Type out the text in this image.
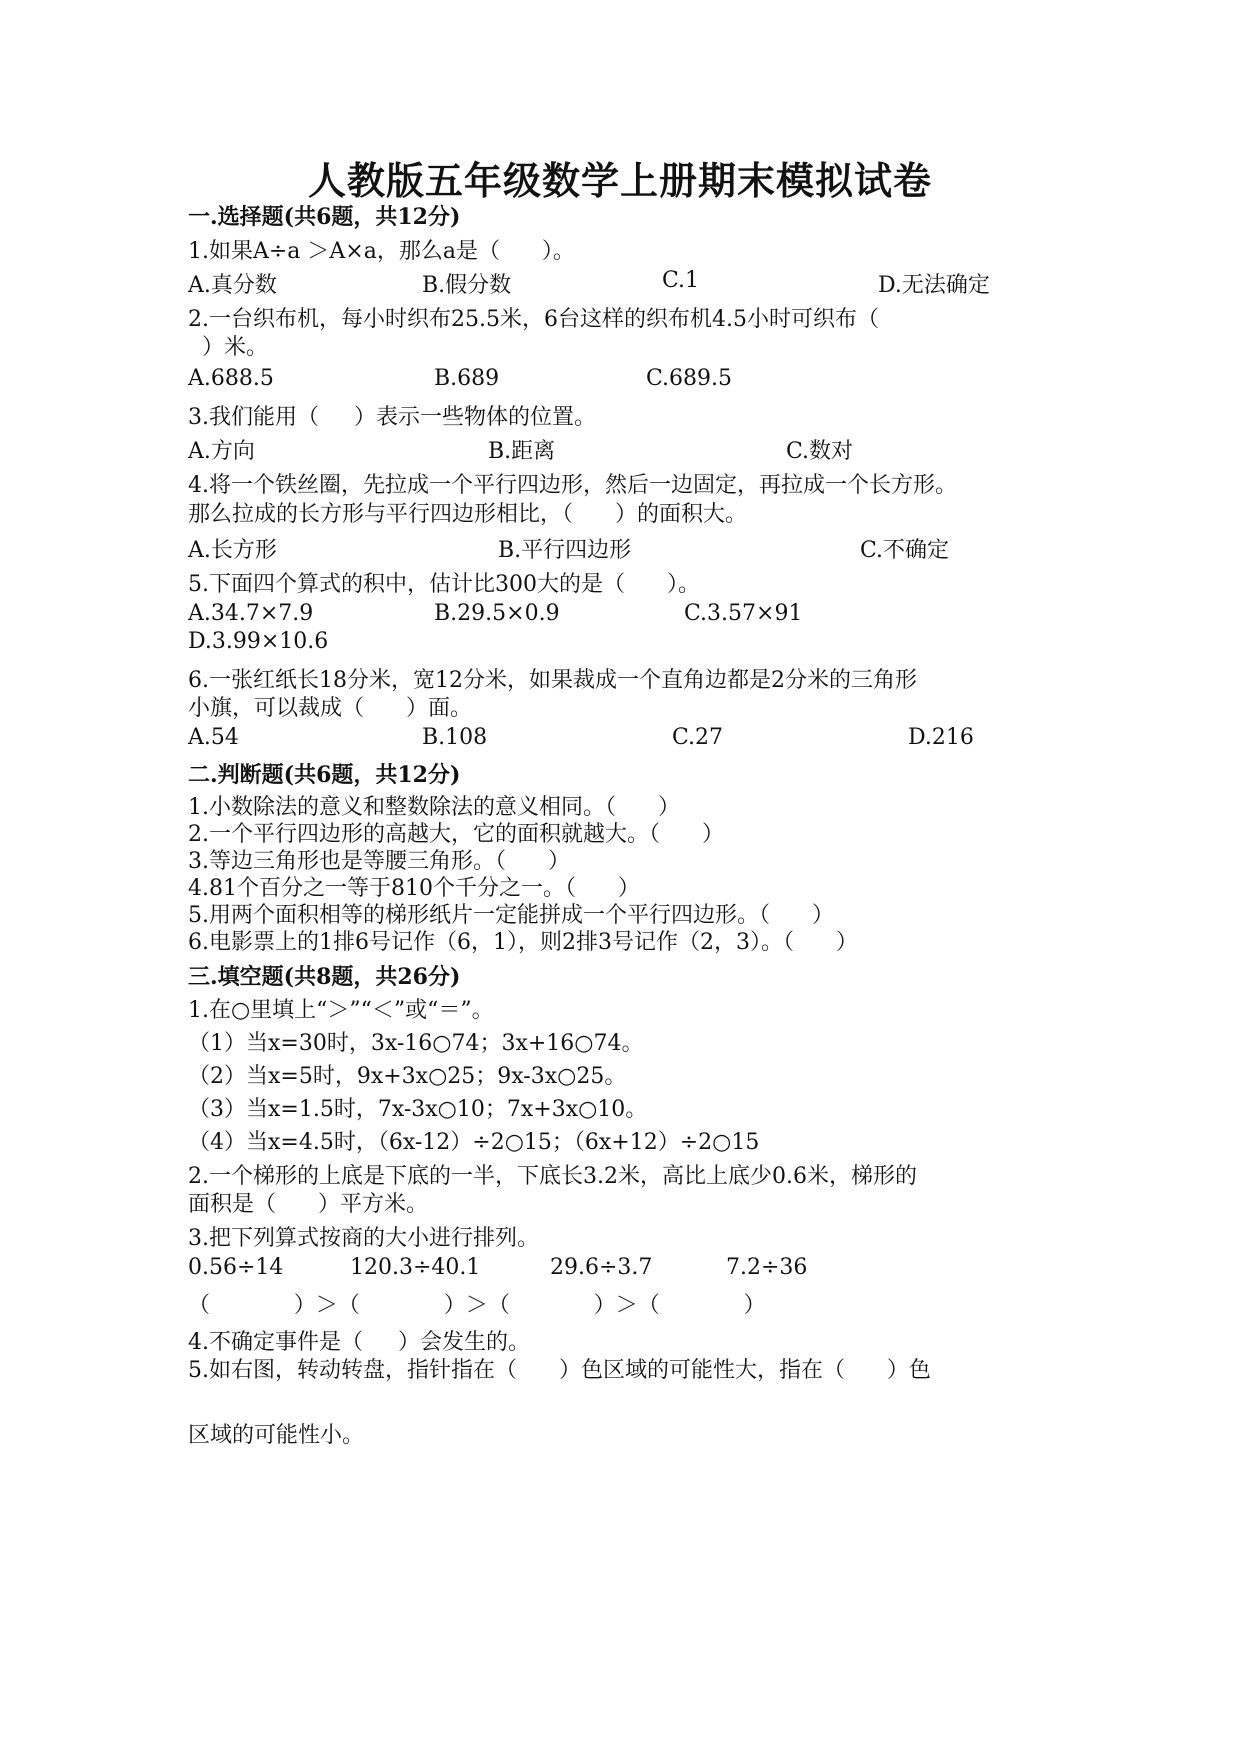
人教版五年级数学上册期末模拟试卷
一.选择题(共6题，共12分)
1.如果A÷a ＞A×a，那么a是（      ）。
A.真分数	B.假分数	C.1	D.无法确定
2.一台织布机，每小时织布25.5米，6台这样的织布机4.5小时可织布（
）米。
A.688.5	B.689	C.689.5
3.我们能用（     ）表示一些物体的位置。
A.方向	B.距离	C.数对
4.将一个铁丝圈，先拉成一个平行四边形，然后一边固定，再拉成一个长方形。
那么拉成的长方形与平行四边形相比，（      ）的面积大。
A.长方形	B.平行四边形	C.不确定
5.下面四个算式的积中，估计比300大的是（      ）。
A.34.7×7.9	B.29.5×0.9	C.3.57×91
D.3.99×10.6
6.一张红纸长18分米，宽12分米，如果裁成一个直角边都是2分米的三角形
小旗，可以裁成（      ）面。
A.54	B.108	C.27	D.216
二.判断题(共6题，共12分)
1.小数除法的意义和整数除法的意义相同。（      ）
2.一个平行四边形的高越大，它的面积就越大。（      ）
3.等边三角形也是等腰三角形。（      ）
4.81个百分之一等于810个千分之一。（      ）
5.用两个面积相等的梯形纸片一定能拼成一个平行四边形。（      ）
6.电影票上的1排6号记作（6，1），则2排3号记作（2，3）。（      ）
三.填空题(共8题，共26分)
1.在○里填上“＞”“＜”或“＝”。
（1）当x=30时，3x-16○74；3x+16○74。
（2）当x=5时，9x+3x○25；9x-3x○25。
（3）当x=1.5时，7x-3x○10；7x+3x○10。
（4）当x=4.5时，（6x-12）÷2○15；（6x+12）÷2○15
2.一个梯形的上底是下底的一半，下底长3.2米，高比上底少0.6米，梯形的
面积是（      ）平方米。
3.把下列算式按商的大小进行排列。
0.56÷14	120.3÷40.1	29.6÷3.7	7.2÷36
（            ）＞（            ）＞（            ）＞（            ）
4.不确定事件是（     ）会发生的。
5.如右图，转动转盘，指针指在（      ）色区域的可能性大，指在（      ）色
区域的可能性小。
